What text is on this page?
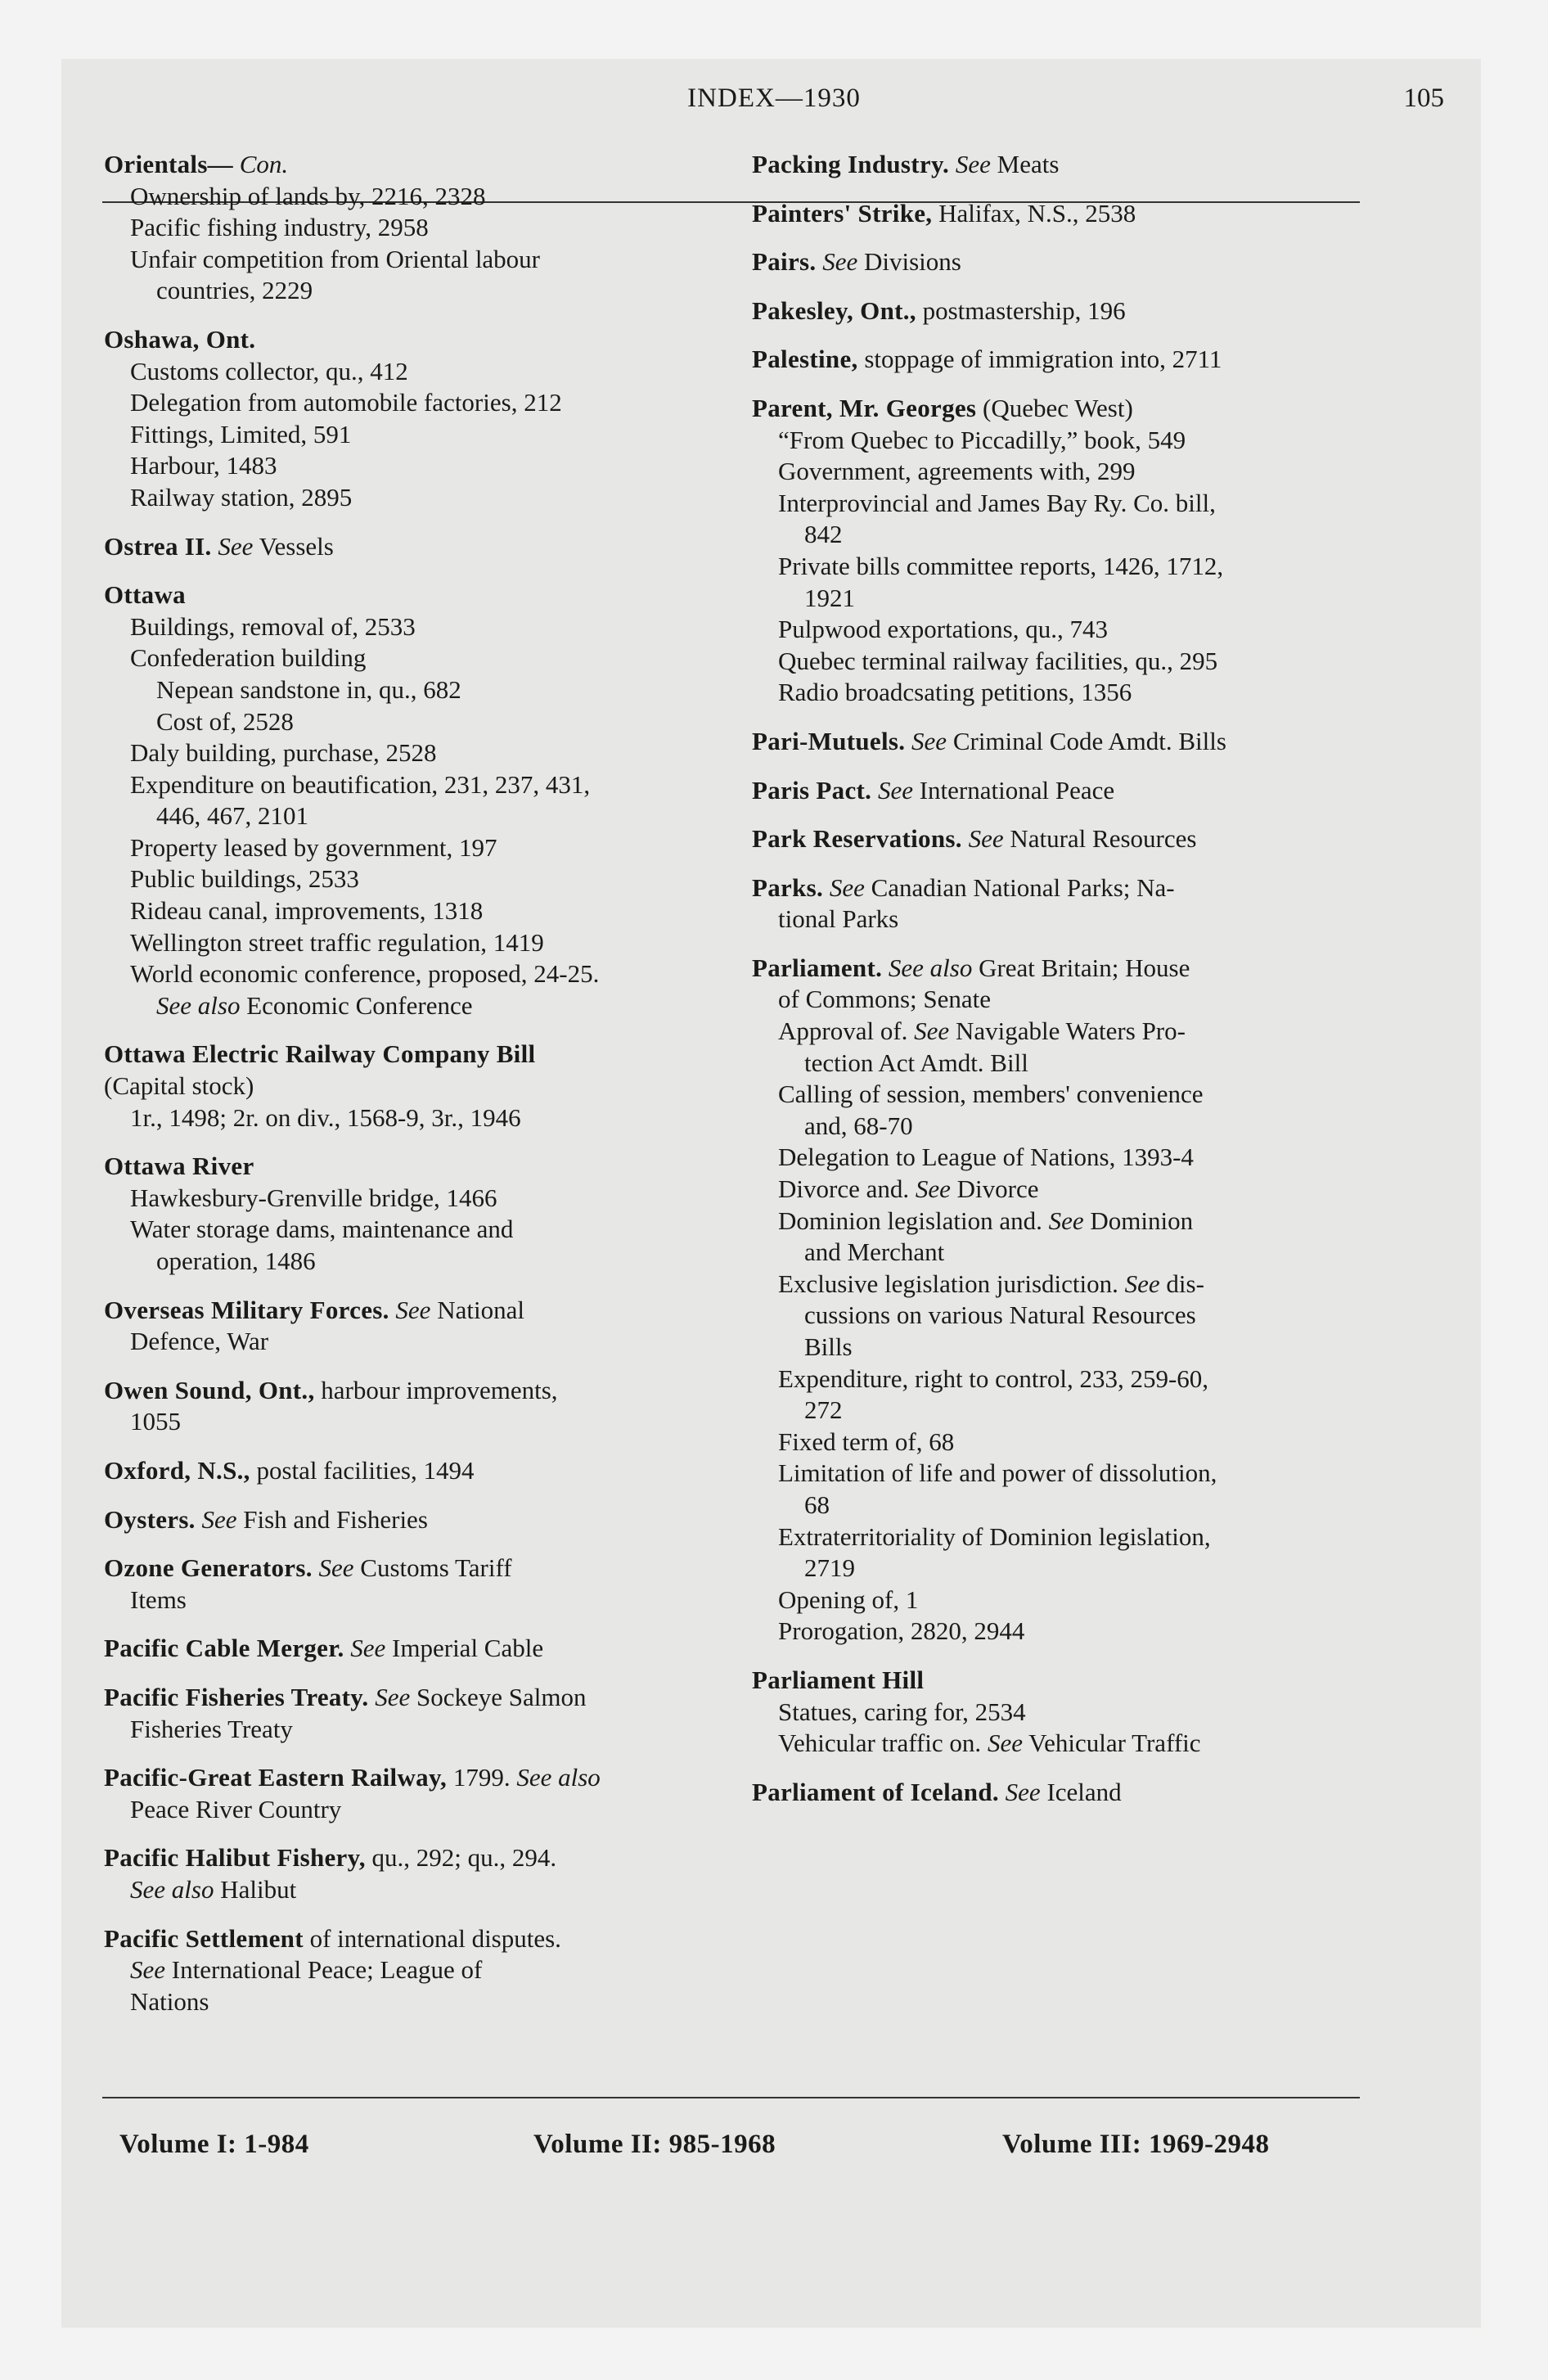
INDEX—1930	105
Orientals— Con.
Ownership of lands by, 2216, 2328
Pacific fishing industry, 2958
Unfair competition from Oriental labour
countries, 2229
Oshawa, Ont.
Customs collector, qu., 412
Delegation from automobile factories, 212
Fittings, Limited, 591
Harbour, 1483
Railway station, 2895
Ostrea II. See Vessels
Ottawa
Buildings, removal of, 2533
Confederation building
Nepean sandstone in, qu., 682
Cost of, 2528
Daly building, purchase, 2528
Expenditure on beautification, 231, 237, 431,
446, 467, 2101
Property leased by government, 197
Public buildings, 2533
Rideau canal, improvements, 1318
Wellington street traffic regulation, 1419
World economic conference, proposed, 24-25.
See also Economic Conference
Ottawa Electric Railway Company Bill
(Capital stock)
1r., 1498; 2r. on div., 1568-9, 3r., 1946
Ottawa River
Hawkesbury-Grenville bridge, 1466
Water storage dams, maintenance and
operation, 1486
Overseas Military Forces. See National
Defence, War
Owen Sound, Ont., harbour improvements,
1055
Oxford, N.S., postal facilities, 1494
Oysters. See Fish and Fisheries
Ozone Generators. See Customs Tariff
Items
Pacific Cable Merger. See Imperial Cable
Pacific Fisheries Treaty. See Sockeye Salmon
Fisheries Treaty
Pacific-Great Eastern Railway, 1799. See also
Peace River Country
Pacific Halibut Fishery, qu., 292; qu., 294.
See also Halibut
Pacific Settlement of international disputes.
See International Peace; League of
Nations
Packing Industry. See Meats
Painters' Strike, Halifax, N.S., 2538
Pairs. See Divisions
Pakesley, Ont., postmastership, 196
Palestine, stoppage of immigration into, 2711
Parent, Mr. Georges (Quebec West)
“From Quebec to Piccadilly,” book, 549
Government, agreements with, 299
Interprovincial and James Bay Ry. Co. bill,
842
Private bills committee reports, 1426, 1712,
1921
Pulpwood exportations, qu., 743
Quebec terminal railway facilities, qu., 295
Radio broadcsating petitions, 1356
Pari-Mutuels. See Criminal Code Amdt. Bills
Paris Pact. See International Peace
Park Reservations. See Natural Resources
Parks. See Canadian National Parks; Na-
tional Parks
Parliament. See also Great Britain; House
of Commons; Senate
Approval of. See Navigable Waters Pro-
tection Act Amdt. Bill
Calling of session, members' convenience
and, 68-70
Delegation to League of Nations, 1393-4
Divorce and. See Divorce
Dominion legislation and. See Dominion
and Merchant
Exclusive legislation jurisdiction. See dis-
cussions on various Natural Resources
Bills
Expenditure, right to control, 233, 259-60,
272
Fixed term of, 68
Limitation of life and power of dissolution,
68
Extraterritoriality of Dominion legislation,
2719
Opening of, 1
Prorogation, 2820, 2944
Parliament Hill
Statues, caring for, 2534
Vehicular traffic on. See Vehicular Traffic
Parliament of Iceland. See Iceland
Volume I: 1-984	Volume II: 985-1968	Volume III: 1969-2948
